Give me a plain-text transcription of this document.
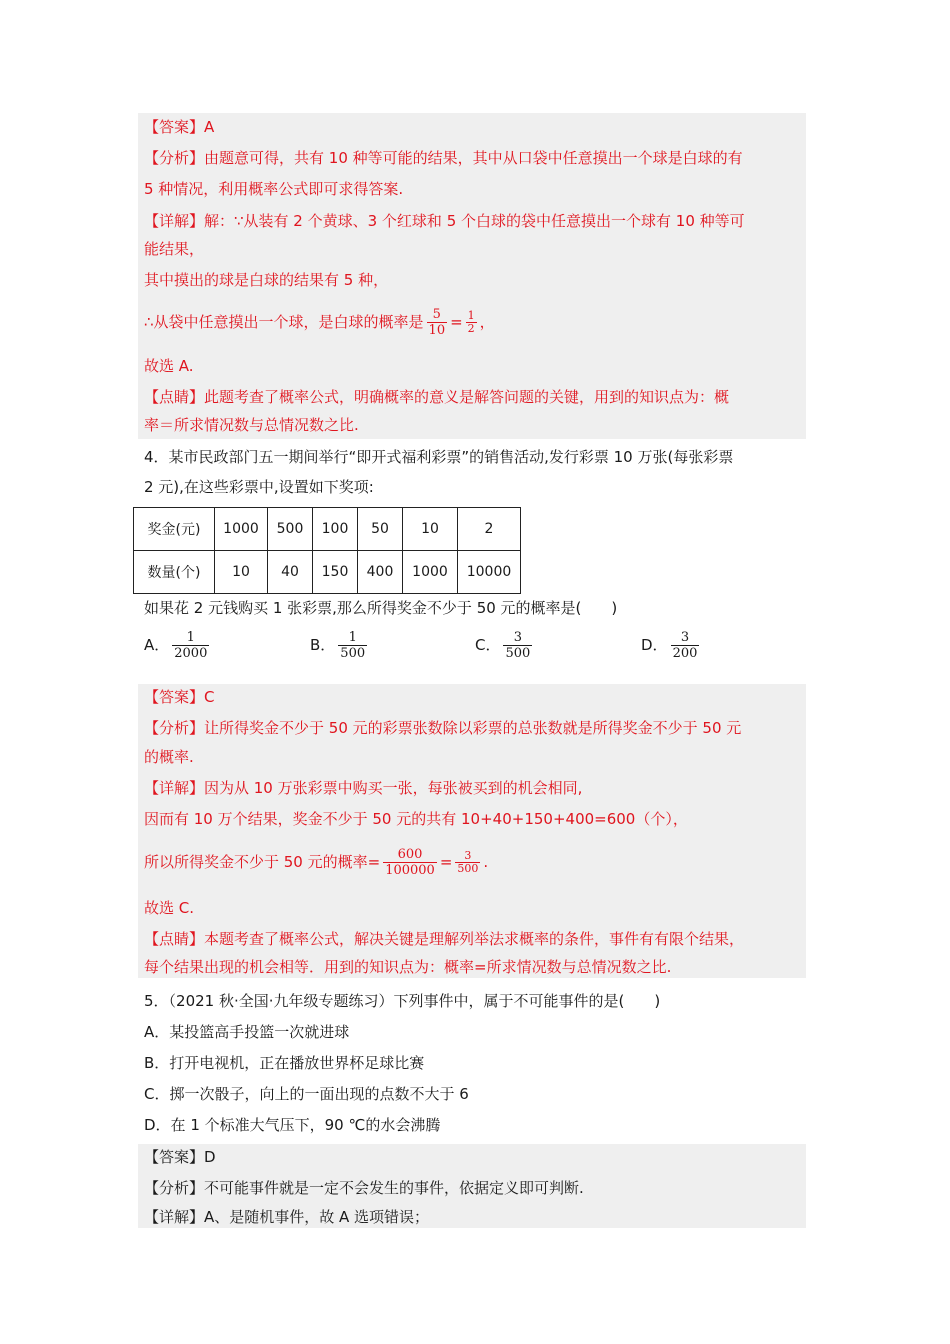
【答案】A
【分析】由题意可得，共有 10 种等可能的结果，其中从口袋中任意摸出一个球是白球的有
5 种情况，利用概率公式即可求得答案.
【详解】解：∵从装有 2 个黄球、3 个红球和 5 个白球的袋中任意摸出一个球有 10 种等可
能结果，
其中摸出的球是白球的结果有 5 种，
∴从袋中任意摸出一个球，是白球的概率是 $\frac{5}{10} = \frac{1}{2}$ ，
故选 A.
【点睛】此题考查了概率公式，明确概率的意义是解答问题的关键，用到的知识点为：概
率＝所求情况数与总情况数之比.
4．某市民政部门五一期间举行“即开式福利彩票”的销售活动,发行彩票 10 万张(每张彩票
2 元),在这些彩票中,设置如下奖项:
奖金(元)	1000	500	100	50	10	2
数量(个)	10	40	150	400	1000	10000
如果花 2 元钱购买 1 张彩票,那么所得奖金不少于 50 元的概率是(　　)
A． $\frac{1}{2000}$	B． $\frac{1}{500}$	C． $\frac{3}{500}$	D． $\frac{3}{200}$
【答案】C
【分析】让所得奖金不少于 50 元的彩票张数除以彩票的总张数就是所得奖金不少于 50 元
的概率.
【详解】因为从 10 万张彩票中购买一张，每张被买到的机会相同,
因而有 10 万个结果，奖金不少于 50 元的共有 10+40+150+400=600（个），
所以所得奖金不少于 50 元的概率= $\frac{600}{100000} = \frac{3}{500}$ .
故选 C.
【点睛】本题考查了概率公式，解决关键是理解列举法求概率的条件，事件有有限个结果，
每个结果出现的机会相等．用到的知识点为：概率=所求情况数与总情况数之比.
5．（2021 秋·全国·九年级专题练习）下列事件中，属于不可能事件的是(　　)
A．某投篮高手投篮一次就进球
B．打开电视机，正在播放世界杯足球比赛
C．掷一次骰子，向上的一面出现的点数不大于 6
D．在 1 个标准大气压下，90 ℃的水会沸腾
【答案】D
【分析】不可能事件就是一定不会发生的事件，依据定义即可判断.
【详解】A、是随机事件，故 A 选项错误；
